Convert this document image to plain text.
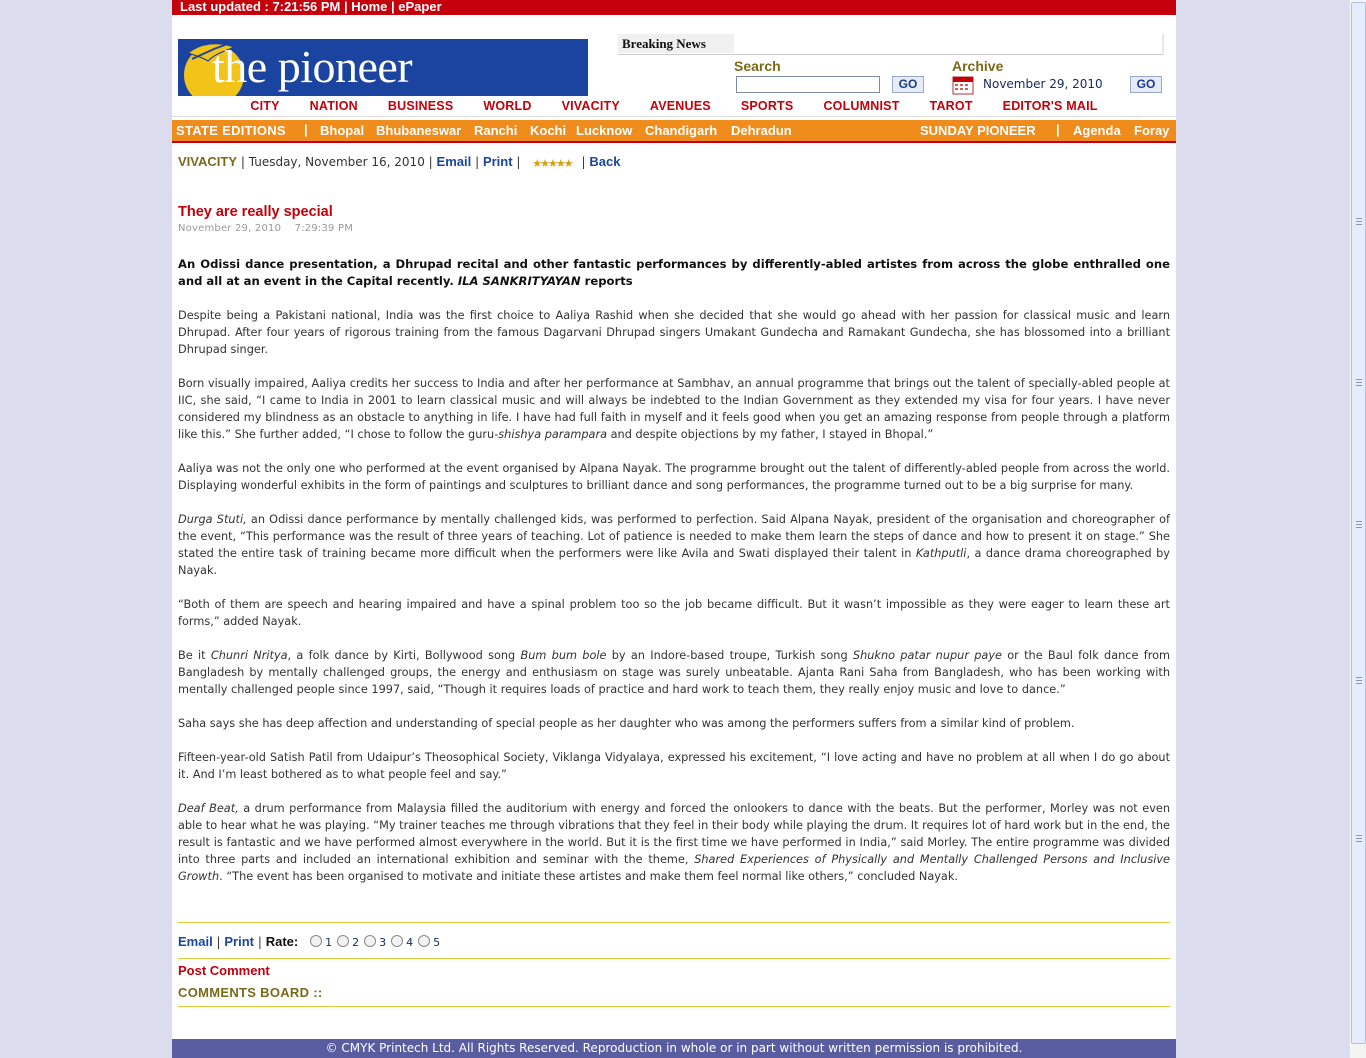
Last updated : 7:21:56 PM | Home | ePaper
the pioneer	Breaking News
Search
GO
Archive
November 29, 2010	GO
CITY NATION BUSINESS WORLD VIVACITY AVENUES SPORTS COLUMNIST TAROT EDITOR'S MAIL
STATE EDITIONS | Bhopal Bhubaneswar Ranchi Kochi Lucknow Chandigarh Dehradun	SUNDAY PIONEER | Agenda Foray
VIVACITY | Tuesday, November 16, 2010 | Email | Print | ★★★★★ | Back
They are really special
November 29, 2010    7:29:39 PM

An Odissi dance presentation, a Dhrupad recital and other fantastic performances by differently-abled artistes from across the globe enthralled one and all at an event in the Capital recently. ILA SANKRITYAYAN reports

Despite being a Pakistani national, India was the first choice to Aaliya Rashid when she decided that she would go ahead with her passion for classical music and learn Dhrupad. After four years of rigorous training from the famous Dagarvani Dhrupad singers Umakant Gundecha and Ramakant Gundecha, she has blossomed into a brilliant Dhrupad singer.

Born visually impaired, Aaliya credits her success to India and after her performance at Sambhav, an annual programme that brings out the talent of specially-abled people at IIC, she said, “I came to India in 2001 to learn classical music and will always be indebted to the Indian Government as they extended my visa for four years. I have never considered my blindness as an obstacle to anything in life. I have had full faith in myself and it feels good when you get an amazing response from people through a platform like this.” She further added, “I chose to follow the guru-shishya parampara and despite objections by my father, I stayed in Bhopal.”

Aaliya was not the only one who performed at the event organised by Alpana Nayak. The programme brought out the talent of differently-abled people from across the world. Displaying wonderful exhibits in the form of paintings and sculptures to brilliant dance and song performances, the programme turned out to be a big surprise for many.

Durga Stuti, an Odissi dance performance by mentally challenged kids, was performed to perfection. Said Alpana Nayak, president of the organisation and choreographer of the event, “This performance was the result of three years of teaching. Lot of patience is needed to make them learn the steps of dance and how to present it on stage.” She stated the entire task of training became more difficult when the performers were like Avila and Swati displayed their talent in Kathputli, a dance drama choreographed by Nayak.

“Both of them are speech and hearing impaired and have a spinal problem too so the job became difficult. But it wasn’t impossible as they were eager to learn these art forms,” added Nayak.

Be it Chunri Nritya, a folk dance by Kirti, Bollywood song Bum bum bole by an Indore-based troupe, Turkish song Shukno patar nupur paye or the Baul folk dance from Bangladesh by mentally challenged groups, the energy and enthusiasm on stage was surely unbeatable. Ajanta Rani Saha from Bangladesh, who has been working with mentally challenged people since 1997, said, “Though it requires loads of practice and hard work to teach them, they really enjoy music and love to dance.”

Saha says she has deep affection and understanding of special people as her daughter who was among the performers suffers from a similar kind of problem.

Fifteen-year-old Satish Patil from Udaipur’s Theosophical Society, Viklanga Vidyalaya, expressed his excitement, “I love acting and have no problem at all when I do go about it. And I’m least bothered as to what people feel and say.”

Deaf Beat, a drum performance from Malaysia filled the auditorium with energy and forced the onlookers to dance with the beats. But the performer, Morley was not even able to hear what he was playing. “My trainer teaches me through vibrations that they feel in their body while playing the drum. It requires lot of hard work but in the end, the result is fantastic and we have performed almost everywhere in the world. But it is the first time we have performed in India,” said Morley. The entire programme was divided into three parts and included an international exhibition and seminar with the theme, Shared Experiences of Physically and Mentally Challenged Persons and Inclusive Growth. “The event has been organised to motivate and initiate these artistes and make them feel normal like others,” concluded Nayak.

Email | Print | Rate: 1 2 3 4 5
Post Comment
COMMENTS BOARD ::
© CMYK Printech Ltd. All Rights Reserved. Reproduction in whole or in part without written permission is prohibited.
